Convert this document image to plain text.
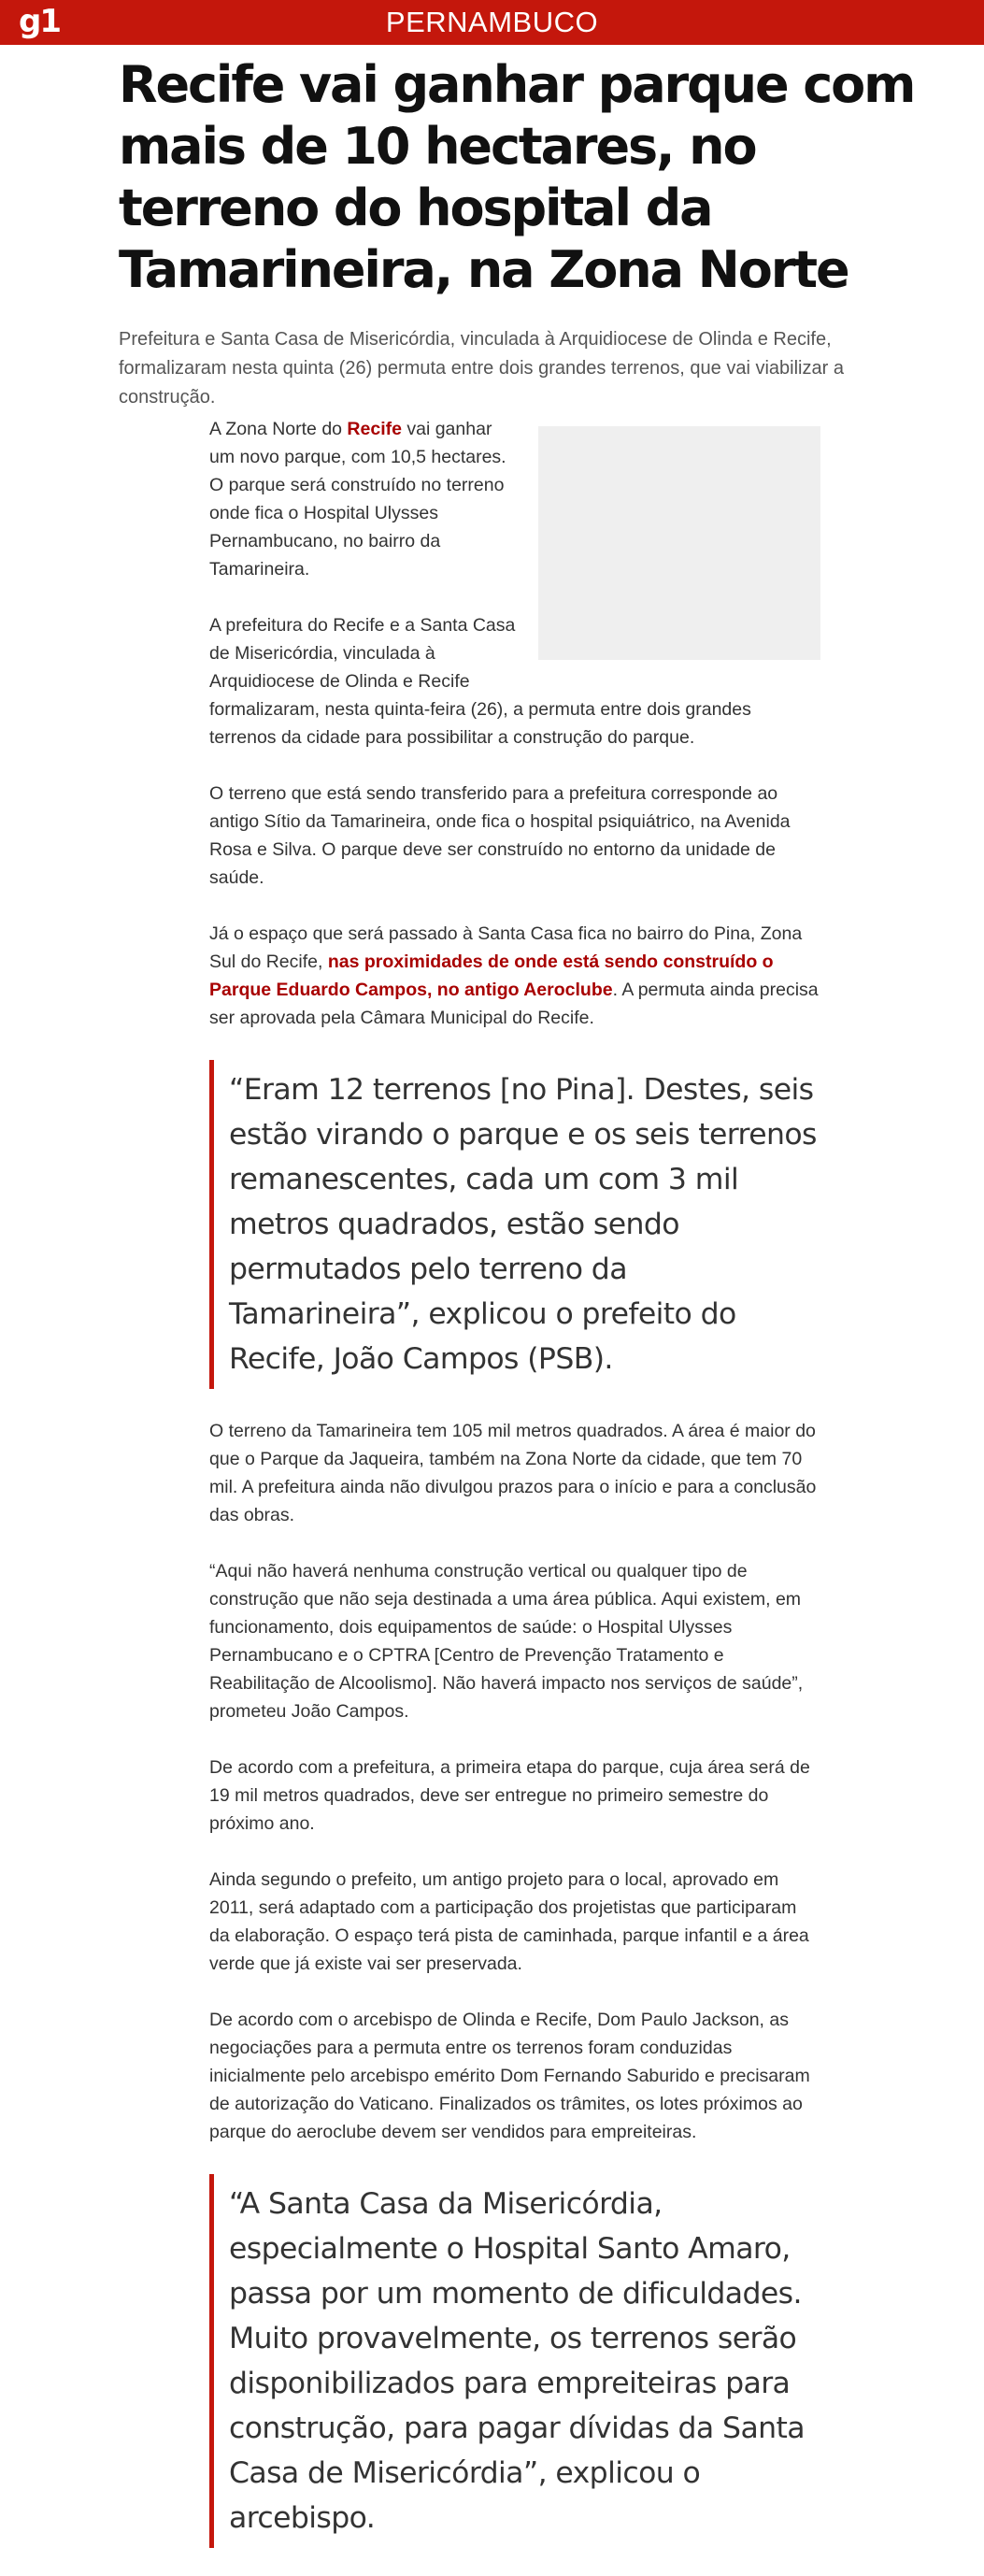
g1	PERNAMBUCO
Recife vai ganhar parque com mais de 10 hectares, no terreno do hospital da Tamarineira, na Zona Norte
Prefeitura e Santa Casa de Misericórdia, vinculada à Arquidiocese de Olinda e Recife, formalizaram nesta quinta (26) permuta entre dois grandes terrenos, que vai viabilizar a construção.

A Zona Norte do Recife vai ganhar um novo parque, com 10,5 hectares. O parque será construído no terreno onde fica o Hospital Ulysses Pernambucano, no bairro da Tamarineira.

A prefeitura do Recife e a Santa Casa de Misericórdia, vinculada à Arquidiocese de Olinda e Recife formalizaram, nesta quinta-feira (26), a permuta entre dois grandes terrenos da cidade para possibilitar a construção do parque.

O terreno que está sendo transferido para a prefeitura corresponde ao antigo Sítio da Tamarineira, onde fica o hospital psiquiátrico, na Avenida Rosa e Silva. O parque deve ser construído no entorno da unidade de saúde.

Já o espaço que será passado à Santa Casa fica no bairro do Pina, Zona Sul do Recife, nas proximidades de onde está sendo construído o Parque Eduardo Campos, no antigo Aeroclube. A permuta ainda precisa ser aprovada pela Câmara Municipal do Recife.

“Eram 12 terrenos [no Pina]. Destes, seis estão virando o parque e os seis terrenos remanescentes, cada um com 3 mil metros quadrados, estão sendo permutados pelo terreno da Tamarineira”, explicou o prefeito do Recife, João Campos (PSB).

O terreno da Tamarineira tem 105 mil metros quadrados. A área é maior do que o Parque da Jaqueira, também na Zona Norte da cidade, que tem 70 mil. A prefeitura ainda não divulgou prazos para o início e para a conclusão das obras.

“Aqui não haverá nenhuma construção vertical ou qualquer tipo de construção que não seja destinada a uma área pública. Aqui existem, em funcionamento, dois equipamentos de saúde: o Hospital Ulysses Pernambucano e o CPTRA [Centro de Prevenção Tratamento e Reabilitação de Alcoolismo]. Não haverá impacto nos serviços de saúde”, prometeu João Campos.

De acordo com a prefeitura, a primeira etapa do parque, cuja área será de 19 mil metros quadrados, deve ser entregue no primeiro semestre do próximo ano.

Ainda segundo o prefeito, um antigo projeto para o local, aprovado em 2011, será adaptado com a participação dos projetistas que participaram da elaboração. O espaço terá pista de caminhada, parque infantil e a área verde que já existe vai ser preservada.

De acordo com o arcebispo de Olinda e Recife, Dom Paulo Jackson, as negociações para a permuta entre os terrenos foram conduzidas inicialmente pelo arcebispo emérito Dom Fernando Saburido e precisaram de autorização do Vaticano. Finalizados os trâmites, os lotes próximos ao parque do aeroclube devem ser vendidos para empreiteiras.

“A Santa Casa da Misericórdia, especialmente o Hospital Santo Amaro, passa por um momento de dificuldades. Muito provavelmente, os terrenos serão disponibilizados para empreiteiras para construção, para pagar dívidas da Santa Casa de Misericórdia”, explicou o arcebispo.
